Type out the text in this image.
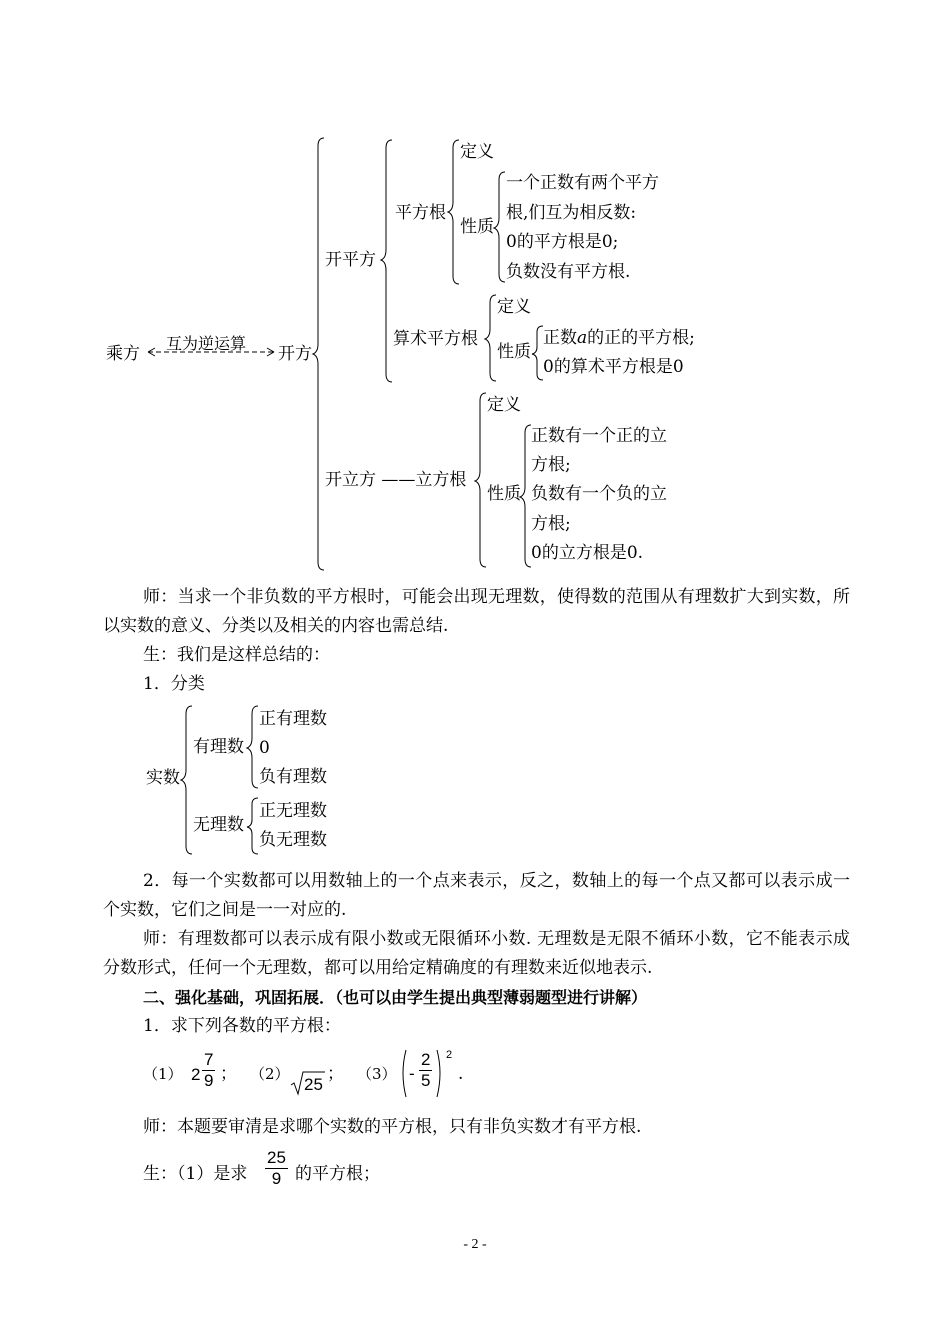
乘方
互为逆运算
开方
开平方
平方根
定义
性质
一个正数有两个平方
根,们互为相反数:
0的平方根是0;
负数没有平方根.
算术平方根
定义
性质
正数a的正的平方根;
0的算术平方根是0
开立方 ——立方根
定义
性质
正数有一个正的立
方根;
负数有一个负的立
方根;
0的立方根是0.
师：当求一个非负数的平方根时，可能会出现无理数，使得数的范围从有理数扩大到实数，所以实数的意义、分类以及相关的内容也需总结.
生：我们是这样总结的：
1．分类
实数
有理数
正有理数
0
负有理数
无理数
正无理数
负无理数
2．每一个实数都可以用数轴上的一个点来表示，反之，数轴上的每一个点又都可以表示成一个实数，它们之间是一一对应的.
师：有理数都可以表示成有限小数或无限循环小数. 无理数是无限不循环小数，它不能表示成分数形式，任何一个无理数，都可以用给定精确度的有理数来近似地表示.
二、强化基础，巩固拓展．（也可以由学生提出典型薄弱题型进行讲解）
1．求下列各数的平方根：
（1） $2 \frac{7}{9}$ ； （2）
25
； $(3) - \frac{2}{5} 2$
.
师：本题要审清是求哪个实数的平方根，只有非负实数才有平方根.
生：（1）是求 $\frac{25}{9}$ 的平方根；
- 2 -
